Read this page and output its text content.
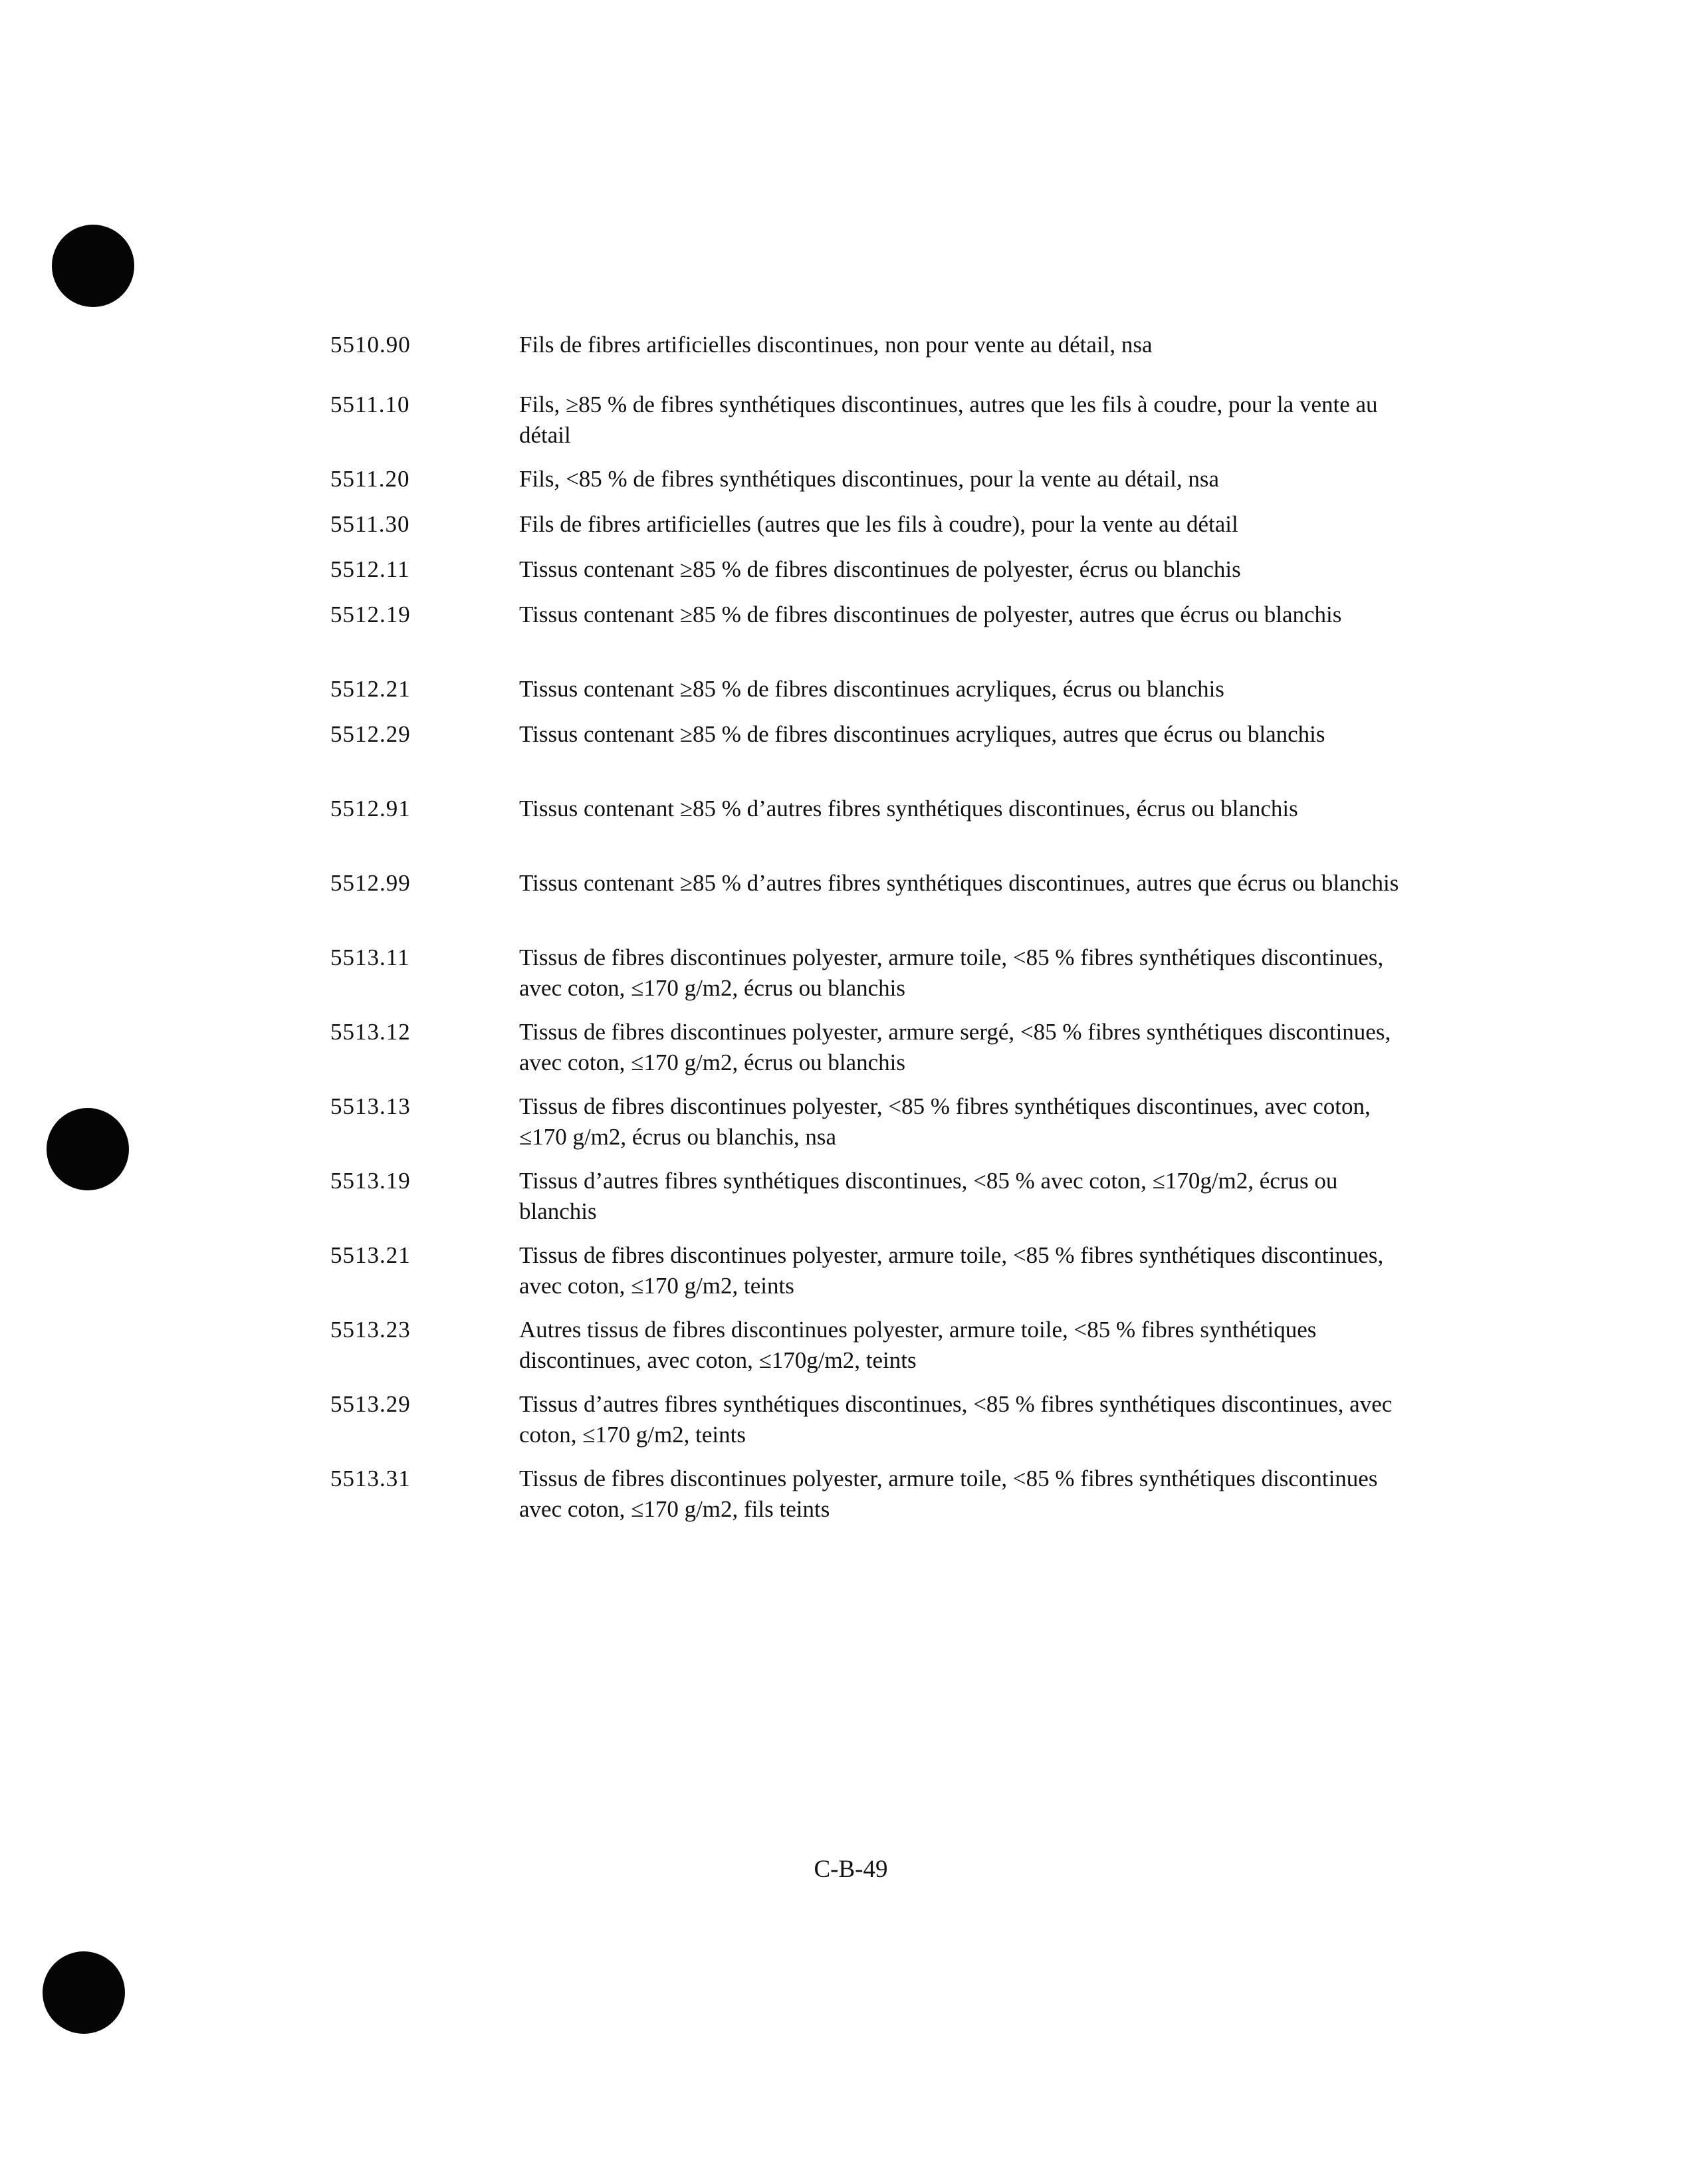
5510.90	Fils de fibres artificielles discontinues, non pour vente au détail, nsa
5511.10	Fils, ≥85 % de fibres synthétiques discontinues, autres que les fils à coudre, pour la vente au détail
5511.20	Fils, <85 % de fibres synthétiques discontinues, pour la vente au détail, nsa
5511.30	Fils de fibres artificielles (autres que les fils à coudre), pour la vente au détail
5512.11	Tissus contenant ≥85 % de fibres discontinues de polyester, écrus ou blanchis
5512.19	Tissus contenant ≥85 % de fibres discontinues de polyester, autres que écrus ou blanchis
5512.21	Tissus contenant ≥85 % de fibres discontinues acryliques, écrus ou blanchis
5512.29	Tissus contenant ≥85 % de fibres discontinues acryliques, autres que écrus ou blanchis
5512.91	Tissus contenant ≥85 % d’autres fibres synthétiques discontinues, écrus ou blanchis
5512.99	Tissus contenant ≥85 % d’autres fibres synthétiques discontinues, autres que écrus ou blanchis
5513.11	Tissus de fibres discontinues polyester, armure toile, <85 % fibres synthétiques discontinues, avec coton, ≤170 g/m2, écrus ou blanchis
5513.12	Tissus de fibres discontinues polyester, armure sergé, <85 % fibres synthétiques discontinues, avec coton, ≤170 g/m2, écrus ou blanchis
5513.13	Tissus de fibres discontinues polyester, <85 % fibres synthétiques discontinues, avec coton, ≤170 g/m2, écrus ou blanchis, nsa
5513.19	Tissus d’autres fibres synthétiques discontinues, <85 % avec coton, ≤170g/m2, écrus ou blanchis
5513.21	Tissus de fibres discontinues polyester, armure toile, <85 % fibres synthétiques discontinues, avec coton, ≤170 g/m2, teints
5513.23	Autres tissus de fibres discontinues polyester, armure toile, <85 % fibres synthétiques discontinues, avec coton, ≤170g/m2, teints
5513.29	Tissus d’autres fibres synthétiques discontinues, <85 % fibres synthétiques discontinues, avec coton, ≤170 g/m2, teints
5513.31	Tissus de fibres discontinues polyester, armure toile, <85 % fibres synthétiques discontinues avec coton, ≤170 g/m2, fils teints
C-B-49
